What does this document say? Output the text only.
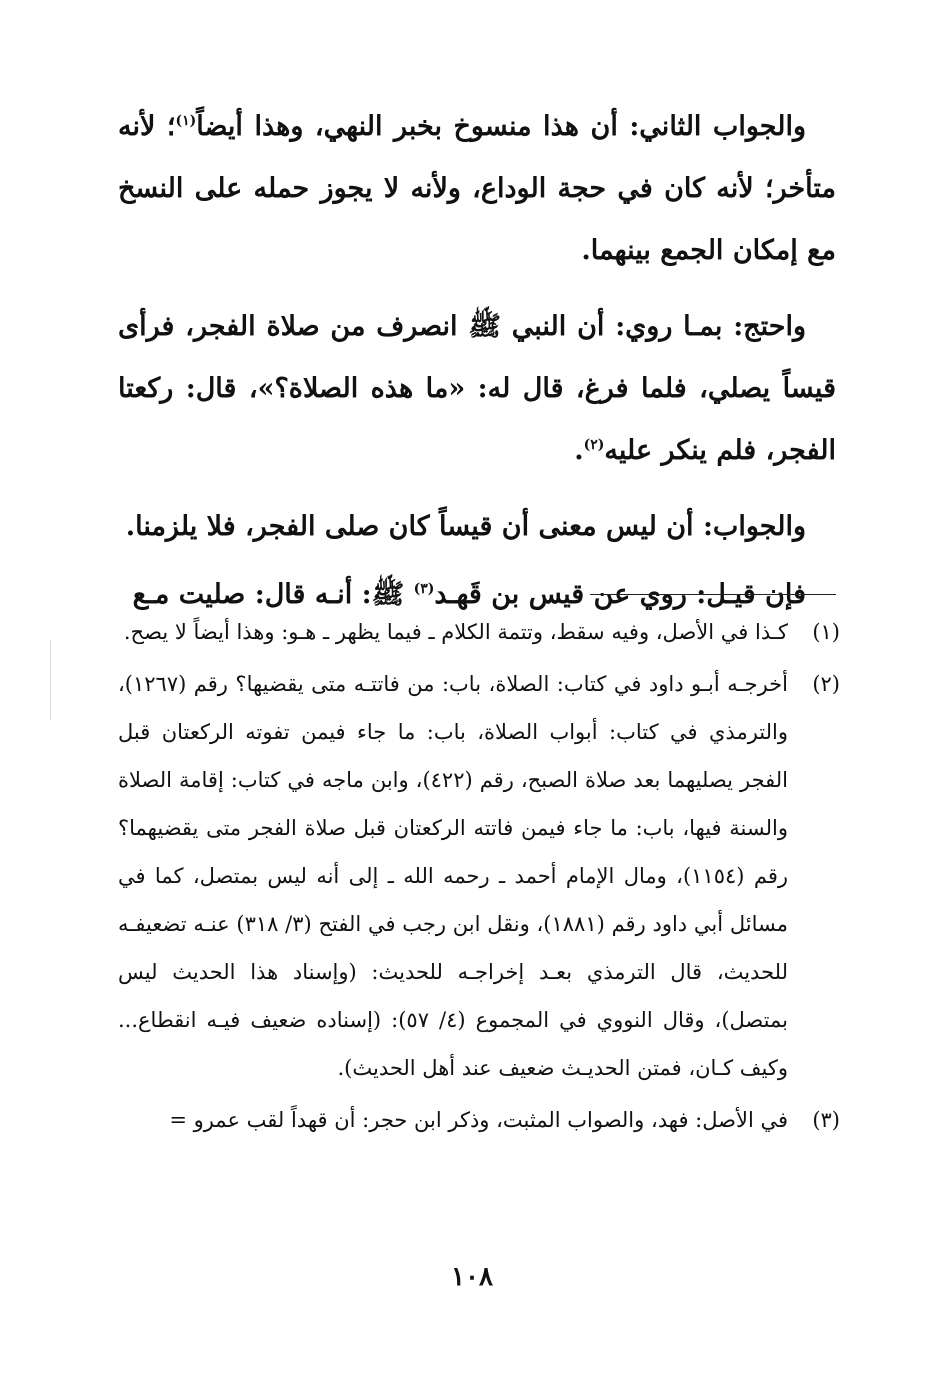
والجواب الثاني: أن هذا منسوخ بخبر النهي، وهذا أيضاً$^{(١)}$؛ لأنه متأخر؛ لأنه كان في حجة الوداع، ولأنه لا يجوز حمله على النسخ مع إمكان الجمع بينهما.

واحتج: بمـا روي: أن النبي ﷺ انصرف من صلاة الفجر، فرأى قيساً يصلي، فلما فرغ، قال له: «ما هذه الصلاة؟»، قال: ركعتا الفجر، فلم ينكر عليه$^{(٢)}$.

والجواب: أن ليس معنى أن قيساً كان صلى الفجر، فلا يلزمنا.

فإن قيـل: روي عن قيس بن قَهـد$^{(٣)}$ ﷺ: أنـه قال: صليت مـع

(١)
كـذا في الأصل، وفيه سقط، وتتمة الكلام ـ فيما يظهر ـ هـو: وهذا أيضاً لا يصح.
(٢)
أخرجـه أبـو داود في كتاب: الصلاة، باب: من فاتتـه متى يقضيها؟ رقم (١٢٦٧)، والترمذي في كتاب: أبواب الصلاة، باب: ما جاء فيمن تفوته الركعتان قبل الفجر يصليهما بعد صلاة الصبح، رقم (٤٢٢)، وابن ماجه في كتاب: إقامة الصلاة والسنة فيها، باب: ما جاء فيمن فاتته الركعتان قبل صلاة الفجر متى يقضيهما؟ رقم (١١٥٤)، ومال الإمام أحمد ـ رحمه الله ـ إلى أنه ليس بمتصل، كما في مسائل أبي داود رقم (١٨٨١)، ونقل ابن رجب في الفتح (٣/ ٣١٨) عنـه تضعيفـه للحديث، قال الترمذي بعـد إخراجـه للحديث: (وإسناد هذا الحديث ليس بمتصل)، وقال النووي في المجموع (٤/ ٥٧): (إسناده ضعيف فيـه انقطاع... وكيف كـان، فمتن الحديـث ضعيف عند أهل الحديث).
(٣)
في الأصل: فهد، والصواب المثبت، وذكر ابن حجر: أن قهداً لقب عمرو =
١٠٨
